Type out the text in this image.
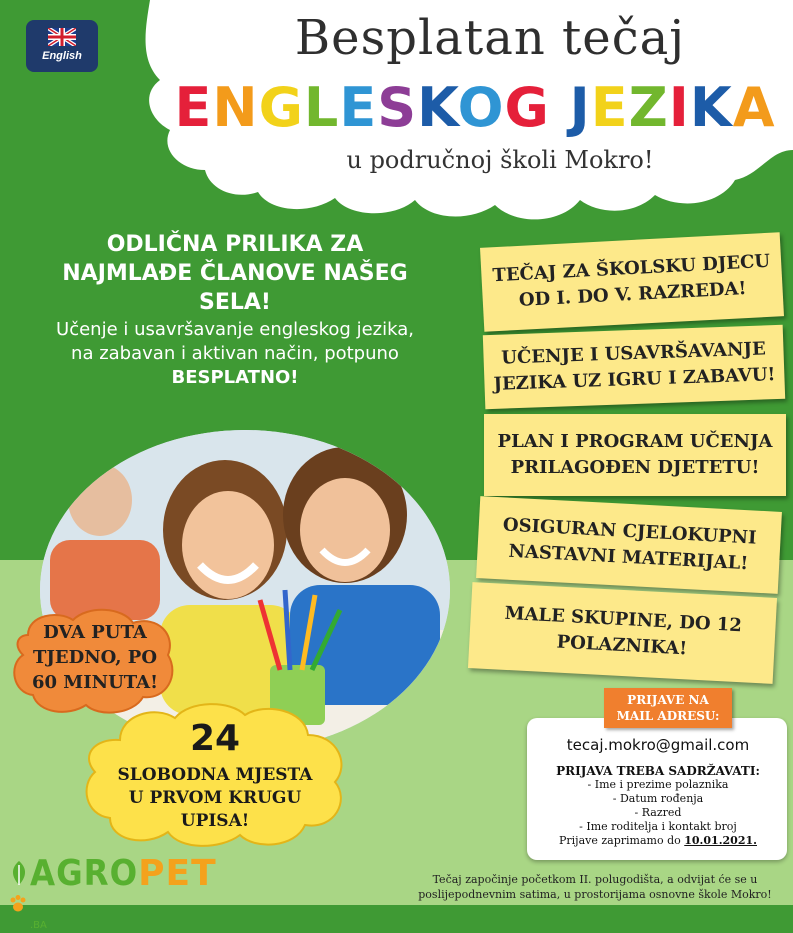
English	Besplatan tečaj
ENGLESKOG JEZIKA
u područnoj školi Mokro!
ODLIČNA PRILIKA ZA
NAJMLAĐE ČLANOVE NAŠEG
SELA!
Učenje i usavršavanje engleskog jezika,
na zabavan i aktivan način, potpuno
BESPLATNO!
TEČAJ ZA ŠKOLSKU DJECU
OD I. DO V. RAZREDA!
UČENJE I USAVRŠAVANJE
JEZIKA UZ IGRU I ZABAVU!
PLAN I PROGRAM UČENJA
PRILAGOĐEN DJETETU!
OSIGURAN CJELOKUPNI
NASTAVNI MATERIJAL!
MALE SKUPINE, DO 12
POLAZNIKA!
DVA PUTA
TJEDNO, PO
60 MINUTA!
24
SLOBODNA MJESTA
U PRVOM KRUGU
UPISA!
PRIJAVE NA
MAIL ADRESU:
tecaj.mokro@gmail.com
PRIJAVA TREBA SADRŽAVATI:
- Ime i prezime polaznika
- Datum rođenja
- Razred
- Ime roditelja i kontakt broj
Prijave zaprimamo do 10.01.2021.
AGROPET.BA
Tečaj započinje početkom II. polugodišta, a odvijat će se u
poslijepodnevnim satima, u prostorijama osnovne škole Mokro!
